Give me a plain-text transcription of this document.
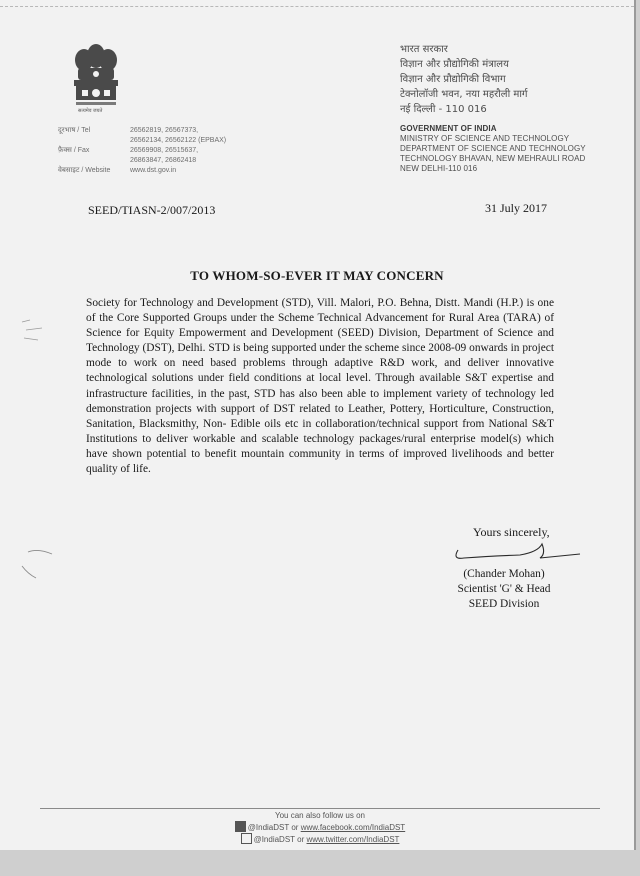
सत्यमेव जयते
दूरभाष / Tel	26562819, 26567373,
26562134, 26562122 (EPBAX)
फ़ैक्स / Fax	26569908, 26515637,
26863847, 26862418
वेबसाइट / Website	www.dst.gov.in
भारत सरकार
विज्ञान और प्रौद्योगिकी मंत्रालय
विज्ञान और प्रौद्योगिकी विभाग
टेक्नोलॉजी भवन, नया महरौली मार्ग
नई दिल्ली - 110 016
GOVERNMENT OF INDIA
MINISTRY OF SCIENCE AND TECHNOLOGY
DEPARTMENT OF SCIENCE AND TECHNOLOGY
TECHNOLOGY BHAVAN, NEW MEHRAULI ROAD
NEW DELHI-110 016
SEED/TIASN-2/007/2013	31 July 2017
TO WHOM-SO-EVER IT MAY CONCERN
Society for Technology and Development (STD), Vill. Malori, P.O. Behna, Distt. Mandi (H.P.) is one of the Core Supported Groups under the Scheme Technical Advancement for Rural Area (TARA) of Science for Equity Empowerment and Development (SEED) Division, Department of Science and Technology (DST), Delhi. STD is being supported under the scheme since 2008-09 onwards in project mode to work on need based problems through adaptive R&D work, and deliver innovative technological solutions under field conditions at local level. Through available S&T expertise and infrastructure facilities, in the past, STD has also been able to implement variety of technology led demonstration projects with support of DST related to Leather, Pottery, Horticulture, Construction, Sanitation, Blacksmithy, Non- Edible oils etc in collaboration/technical support from National S&T Institutions to deliver workable and scalable technology packages/rural enterprise model(s) which have shown potential to benefit mountain community in terms of improved livelihoods and better quality of life.
Yours sincerely,
(Chander Mohan)
Scientist 'G' & Head
SEED Division
You can also follow us on
@IndiaDST or www.facebook.com/IndiaDST
@IndiaDST or www.twitter.com/IndiaDST
